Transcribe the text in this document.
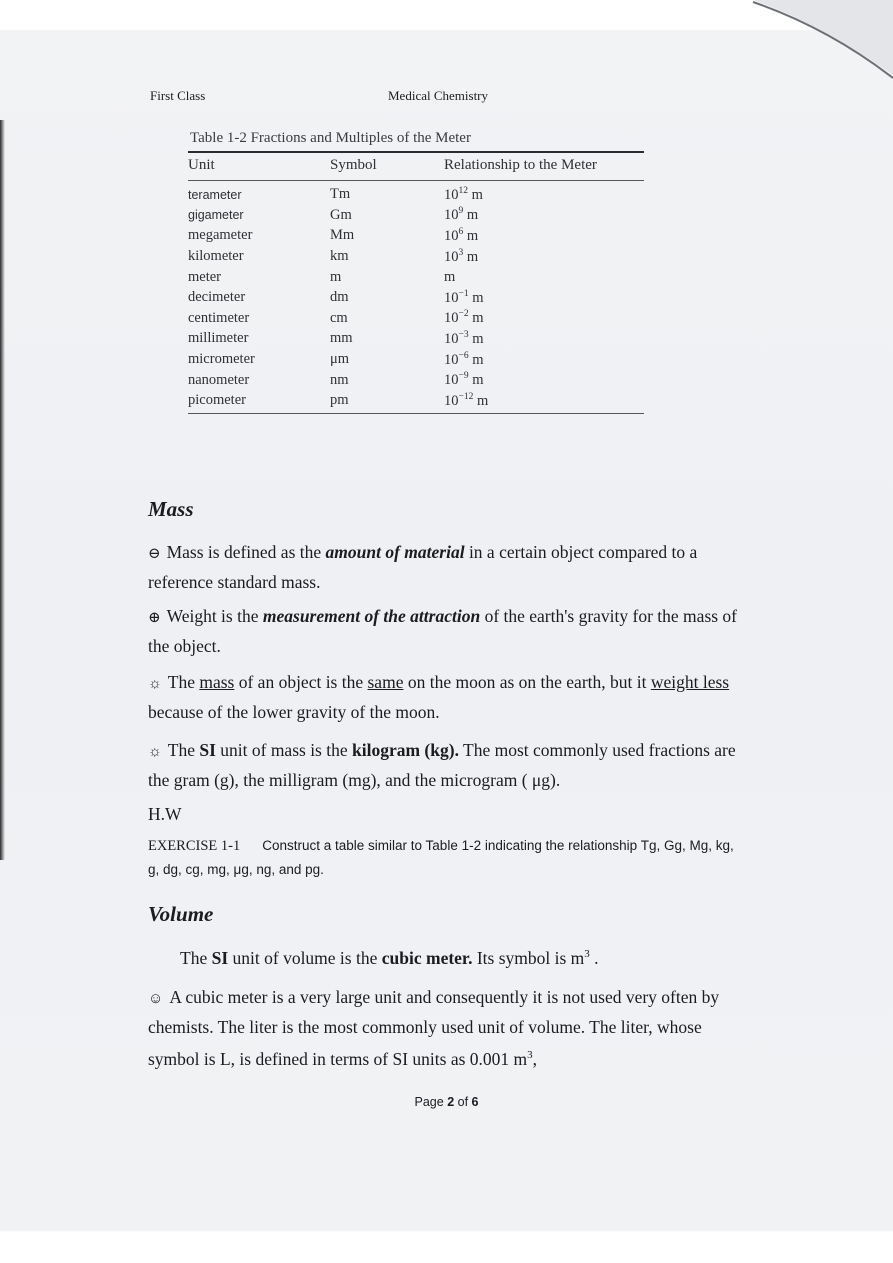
First Class	Medical Chemistry
Table 1-2 Fractions and Multiples of the Meter
Unit	Symbol	Relationship to the Meter

terameter	Tm	$10^{12}$ m
gigameter	Gm	$10^9$ m
megameter	Mm	$10^6$ m
kilometer	km	$10^3$ m
meter	m	m
decimeter	dm	$10^{-1}$ m
centimeter	cm	$10^{-2}$ m
millimeter	mm	$10^{-3}$ m
micrometer	μm	$10^{-6}$ m
nanometer	nm	$10^{-9}$ m
picometer	pm	$10^{-12}$ m
Mass
⊖ Mass is defined as the amount of material in a certain object compared to a reference standard mass.
⊕ Weight is the measurement of the attraction of the earth's gravity for the mass of the object.
☼ The mass of an object is the same on the moon as on the earth, but it weight less because of the lower gravity of the moon.
☼ The SI unit of mass is the kilogram (kg). The most commonly used fractions are the gram (g), the milligram (mg), and the microgram ( μg).
H.W
EXERCISE 1-1 Construct a table similar to Table 1-2 indicating the relationship Tg, Gg, Mg, kg, g, dg, cg, mg, μg, ng, and pg.
Volume
The SI unit of volume is the cubic meter. Its symbol is $m^3$ .
☺ A cubic meter is a very large unit and consequently it is not used very often by chemists. The liter is the most commonly used unit of volume. The liter, whose symbol is L, is defined in terms of SI units as 0.001 $m^3$,
Page 2 of 6
